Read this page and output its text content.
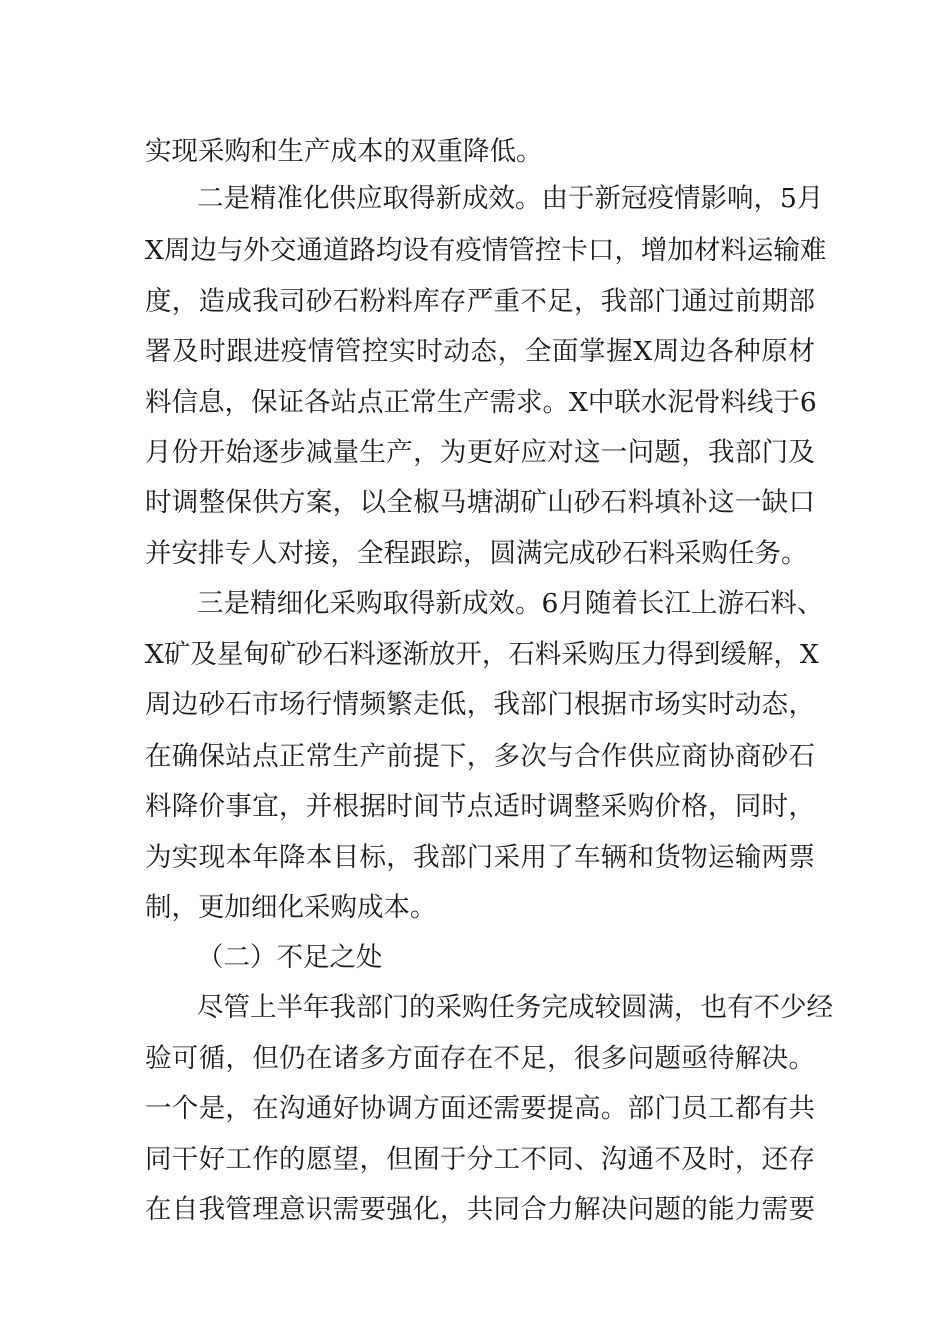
实现采购和生产成本的双重降低。
二是精准化供应取得新成效。由于新冠疫情影响，5月
X周边与外交通道路均设有疫情管控卡口，增加材料运输难
度，造成我司砂石粉料库存严重不足，我部门通过前期部
署及时跟进疫情管控实时动态，全面掌握X周边各种原材
料信息，保证各站点正常生产需求。X中联水泥骨料线于6
月份开始逐步减量生产，为更好应对这一问题，我部门及
时调整保供方案，以全椒马塘湖矿山砂石料填补这一缺口
并安排专人对接，全程跟踪，圆满完成砂石料采购任务。
三是精细化采购取得新成效。6月随着长江上游石料、
X矿及星甸矿砂石料逐渐放开，石料采购压力得到缓解，X
周边砂石市场行情频繁走低，我部门根据市场实时动态，
在确保站点正常生产前提下，多次与合作供应商协商砂石
料降价事宜，并根据时间节点适时调整采购价格，同时，
为实现本年降本目标，我部门采用了车辆和货物运输两票
制，更加细化采购成本。
（二）不足之处
尽管上半年我部门的采购任务完成较圆满，也有不少经
验可循，但仍在诸多方面存在不足，很多问题亟待解决。
一个是，在沟通好协调方面还需要提高。部门员工都有共
同干好工作的愿望，但囿于分工不同、沟通不及时，还存
在自我管理意识需要强化，共同合力解决问题的能力需要
